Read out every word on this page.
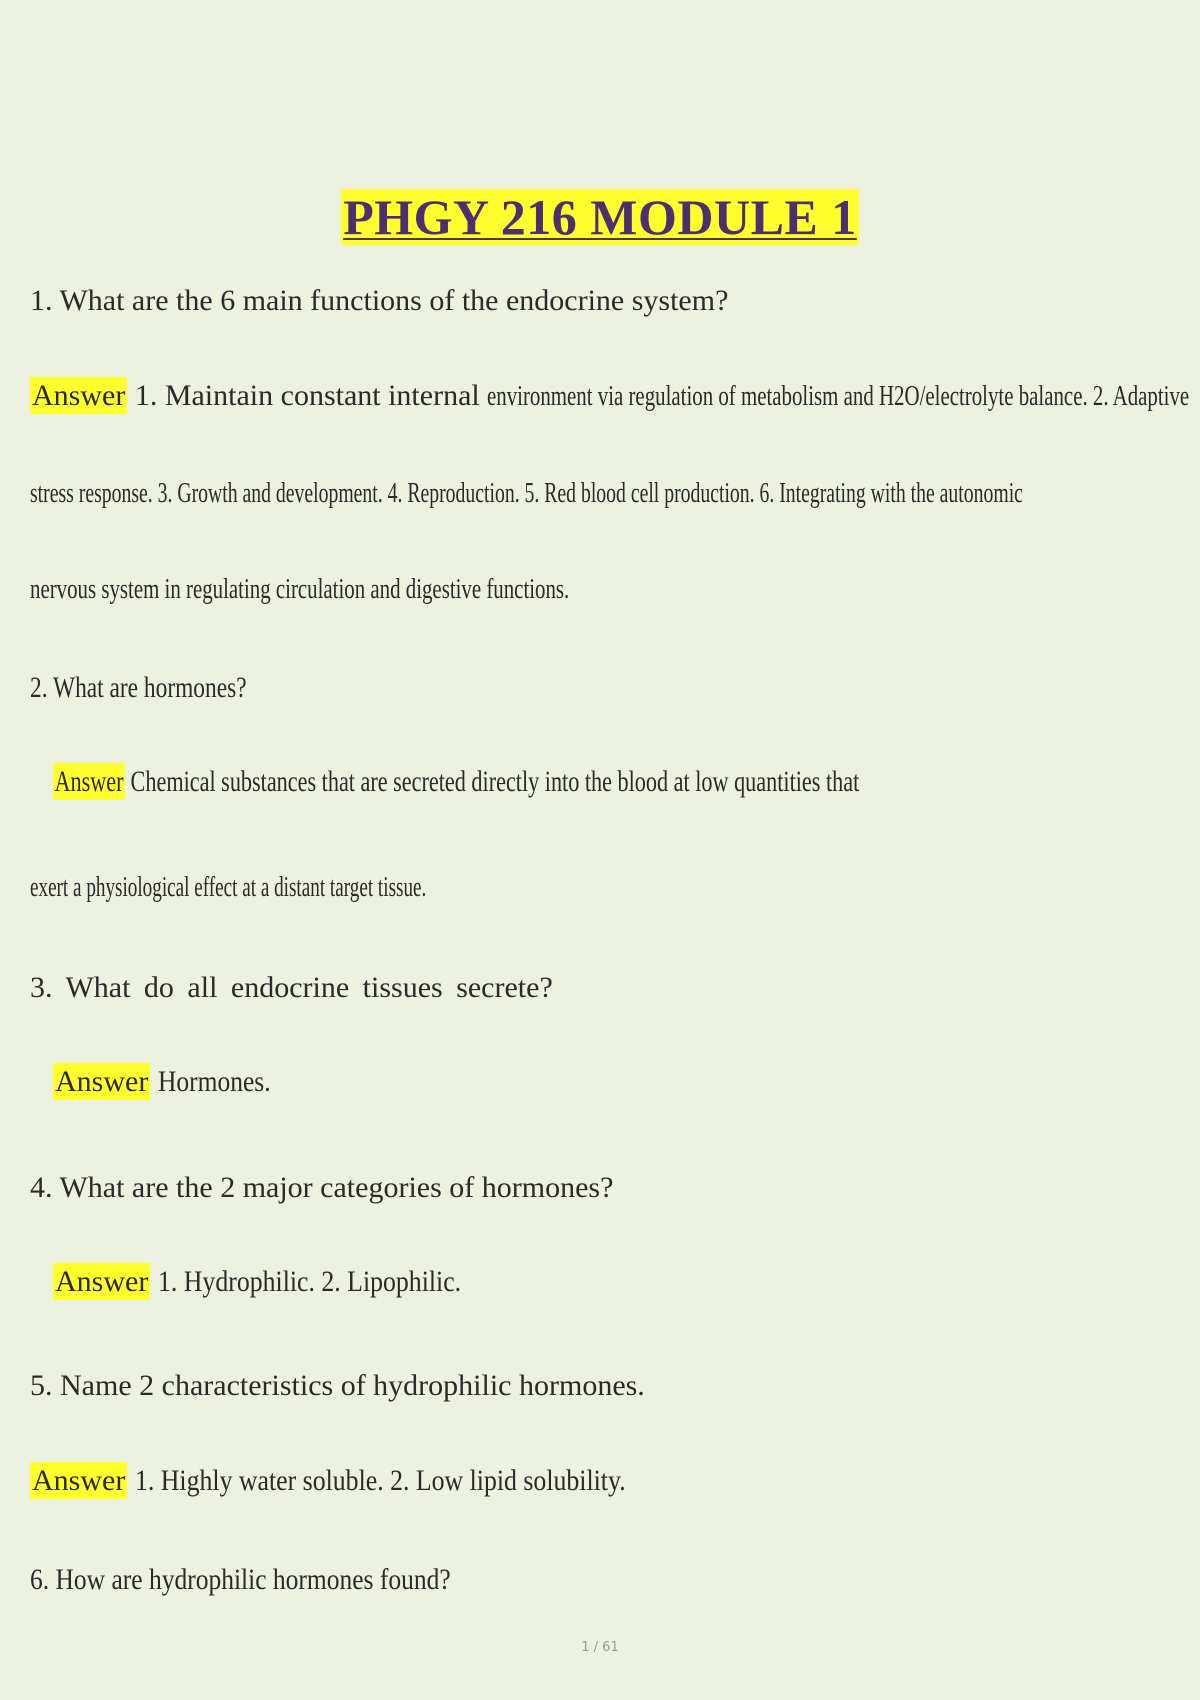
PHGY 216 MODULE 1
1. What are the 6 main functions of the endocrine system?
Answer 1. Maintain constant internal environment via regulation of metabolism and H2O/electrolyte balance. 2. Adaptive
stress response. 3. Growth and development. 4. Reproduction. 5. Red blood cell production. 6. Integrating with the autonomic
nervous system in regulating circulation and digestive functions.
2. What are hormones?
Answer Chemical substances that are secreted directly into the blood at low quantities that
exert a physiological effect at a distant target tissue.
3. What do all endocrine tissues secrete?
Answer Hormones.
4. What are the 2 major categories of hormones?
Answer 1. Hydrophilic. 2. Lipophilic.
5. Name 2 characteristics of hydrophilic hormones.
Answer 1. Highly water soluble. 2. Low lipid solubility.
6. How are hydrophilic hormones found?
1 / 61
